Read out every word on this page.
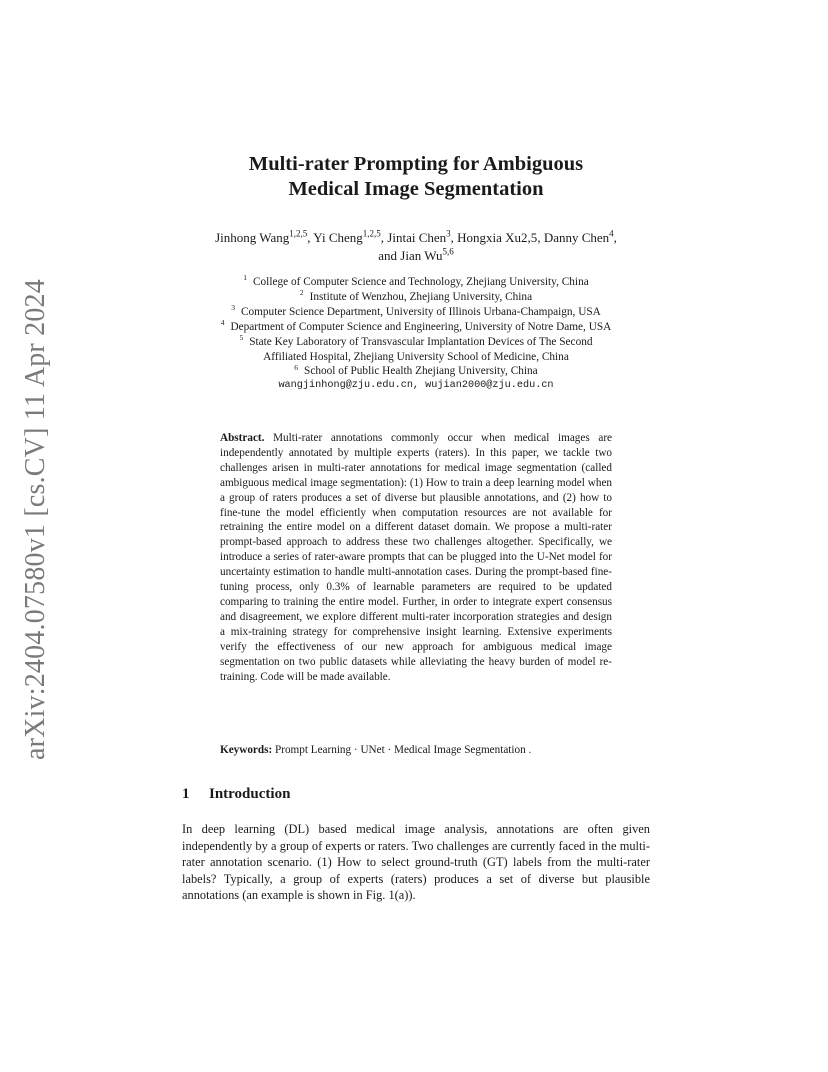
arXiv:2404.07580v1 [cs.CV] 11 Apr 2024
Multi-rater Prompting for Ambiguous
Medical Image Segmentation
Jinhong Wang$^{1,2,5}$, Yi Cheng$^{1,2,5}$, Jintai Chen$^3$, Hongxia Xu2,5, Danny Chen$^4$,
and Jian Wu$^{5,6}$
$^1$ College of Computer Science and Technology, Zhejiang University, China
$^2$ Institute of Wenzhou, Zhejiang University, China
$^3$ Computer Science Department, University of Illinois Urbana-Champaign, USA
$^4$ Department of Computer Science and Engineering, University of Notre Dame, USA
$^5$ State Key Laboratory of Transvascular Implantation Devices of The Second
Affiliated Hospital, Zhejiang University School of Medicine, China
$^6$ School of Public Health Zhejiang University, China
wangjinhong@zju.edu.cn, wujian2000@zju.edu.cn

Abstract. Multi-rater annotations commonly occur when medical images are independently annotated by multiple experts (raters). In this paper, we tackle two challenges arisen in multi-rater annotations for medical image segmentation (called ambiguous medical image segmentation): (1) How to train a deep learning model when a group of raters produces a set of diverse but plausible annotations, and (2) how to fine-tune the model efficiently when computation resources are not available for retraining the entire model on a different dataset domain. We propose a multi-rater prompt-based approach to address these two challenges altogether. Specifically, we introduce a series of rater-aware prompts that can be plugged into the U-Net model for uncertainty estimation to handle multi-annotation cases. During the prompt-based fine-tuning process, only 0.3% of learnable parameters are required to be updated comparing to training the entire model. Further, in order to integrate expert consensus and disagreement, we explore different multi-rater incorporation strategies and design a mix-training strategy for comprehensive insight learning. Extensive experiments verify the effectiveness of our new approach for ambiguous medical image segmentation on two public datasets while alleviating the heavy burden of model re-training. Code will be made available.

Keywords: Prompt Learning · UNet · Medical Image Segmentation .

1 Introduction

In deep learning (DL) based medical image analysis, annotations are often given independently by a group of experts or raters. Two challenges are currently faced in the multi-rater annotation scenario. (1) How to select ground-truth (GT) labels from the multi-rater labels? Typically, a group of experts (raters) produces a set of diverse but plausible annotations (an example is shown in Fig. 1(a)).
